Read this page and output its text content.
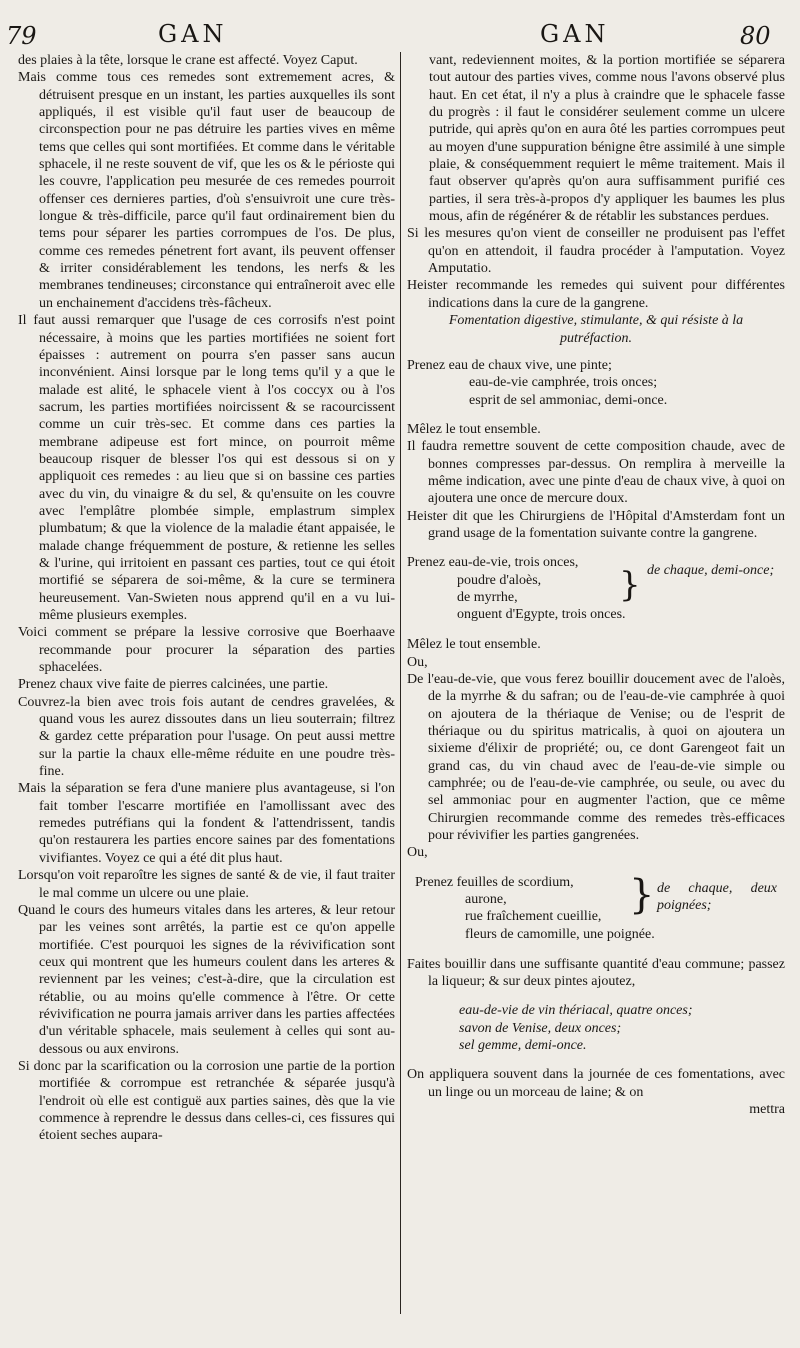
79	GAN	GAN	80

des plaies à la tête, lorsque le crane est affecté. Voyez Caput.

Mais comme tous ces remedes sont extremement acres, & détruisent presque en un instant, les parties auxquelles ils sont appliqués, il est visible qu'il faut user de beaucoup de circonspection pour ne pas détruire les parties vives en même tems que celles qui sont mortifiées. Et comme dans le véritable sphacele, il ne reste souvent de vif, que les os & le périoste qui les couvre, l'application peu mesurée de ces remedes pourroit offenser ces dernieres parties, d'où s'ensuivroit une cure très-longue & très-difficile, parce qu'il faut ordinairement bien du tems pour séparer les parties corrompues de l'os. De plus, comme ces remedes pénetrent fort avant, ils peuvent offenser & irriter considérablement les tendons, les nerfs & les membranes tendineuses; circonstance qui entraîneroit avec elle un enchainement d'accidens très-fâcheux.

Il faut aussi remarquer que l'usage de ces corrosifs n'est point nécessaire, à moins que les parties mortifiées ne soient fort épaisses : autrement on pourra s'en passer sans aucun inconvénient. Ainsi lorsque par le long tems qu'il y a que le malade est alité, le sphacele vient à l'os coccyx ou à l'os sacrum, les parties mortifiées noircissent & se racourcissent comme un cuir très-sec. Et comme dans ces parties la membrane adipeuse est fort mince, on pourroit même beaucoup risquer de blesser l'os qui est dessous si on y appliquoit ces remedes : au lieu que si on bassine ces parties avec du vin, du vinaigre & du sel, & qu'ensuite on les couvre avec l'emplâtre plombée simple, emplastrum simplex plumbatum; & que la violence de la maladie étant appaisée, le malade change fréquemment de posture, & retienne les selles & l'urine, qui irritoient en passant ces parties, tout ce qui étoit mortifié se séparera de soi-même, & la cure se terminera heureusement. Van-Swieten nous apprend qu'il en a vu lui-même plusieurs exemples.

Voici comment se prépare la lessive corrosive que Boerhaave recommande pour procurer la séparation des parties sphacelées.

Prenez chaux vive faite de pierres calcinées, une partie.

Couvrez-la bien avec trois fois autant de cendres gravelées, & quand vous les aurez dissoutes dans un lieu souterrain; filtrez & gardez cette préparation pour l'usage. On peut aussi mettre sur la partie la chaux elle-même réduite en une poudre très-fine.

Mais la séparation se fera d'une maniere plus avantageuse, si l'on fait tomber l'escarre mortifiée en l'amollissant avec des remedes putréfians qui la fondent & l'attendrissent, tandis qu'on restaurera les parties encore saines par des fomentations vivifiantes. Voyez ce qui a été dit plus haut.

Lorsqu'on voit reparoître les signes de santé & de vie, il faut traiter le mal comme un ulcere ou une plaie.

Quand le cours des humeurs vitales dans les arteres, & leur retour par les veines sont arrêtés, la partie est ce qu'on appelle mortifiée. C'est pourquoi les signes de la révivification sont ceux qui montrent que les humeurs coulent dans les arteres & reviennent par les veines; c'est-à-dire, que la circulation est rétablie, ou au moins qu'elle commence à l'être. Or cette révivification ne pourra jamais arriver dans les parties affectées d'un véritable sphacele, mais seulement à celles qui sont au-dessous ou aux environs.

Si donc par la scarification ou la corrosion une partie de la portion mortifiée & corrompue est retranchée & séparée jusqu'à l'endroit où elle est contiguë aux parties saines, dès que la vie commence à reprendre le dessus dans celles-ci, ces fissures qui étoient seches aupara-

vant, redeviennent moites, & la portion mortifiée se séparera tout autour des parties vives, comme nous l'avons observé plus haut. En cet état, il n'y a plus à craindre que le sphacele fasse du progrès : il faut le considérer seulement comme un ulcere putride, qui après qu'on en aura ôté les parties corrompues peut au moyen d'une suppuration bénigne être assimilé à une simple plaie, & conséquemment requiert le même traitement. Mais il faut observer qu'après qu'on aura suffisamment purifié ces parties, il sera très-à-propos d'y appliquer les baumes les plus mous, afin de régénérer & de rétablir les substances perdues.

Si les mesures qu'on vient de conseiller ne produisent pas l'effet qu'on en attendoit, il faudra procéder à l'amputation. Voyez Amputatio.

Heister recommande les remedes qui suivent pour différentes indications dans la cure de la gangrene.

Fomentation digestive, stimulante, & qui résiste à la putréfaction.

Prenez eau de chaux vive, une pinte;
eau-de-vie camphrée, trois onces;
esprit de sel ammoniac, demi-once.

Mêlez le tout ensemble.

Il faudra remettre souvent de cette composition chaude, avec de bonnes compresses par-dessus. On remplira à merveille la même indication, avec une pinte d'eau de chaux vive, à quoi on ajoutera une once de mercure doux.

Heister dit que les Chirurgiens de l'Hôpital d'Amsterdam font un grand usage de la fomentation suivante contre la gangrene.

Prenez eau-de-vie, trois onces,
poudre d'aloès,
de myrrhe,
onguent d'Egypte, trois onces.
} de chaque, demi-once;

Mêlez le tout ensemble.

Ou,

De l'eau-de-vie, que vous ferez bouillir doucement avec de l'aloès, de la myrrhe & du safran; ou de l'eau-de-vie camphrée à quoi on ajoutera de la thériaque de Venise; ou de l'esprit de thériaque ou du spiritus matricalis, à quoi on ajoutera un sixieme d'élixir de propriété; ou, ce dont Garengeot fait un grand cas, du vin chaud avec de l'eau-de-vie simple ou camphrée; ou de l'eau-de-vie camphrée, ou seule, ou avec du sel ammoniac pour en augmenter l'action, que ce même Chirurgien recommande comme des remedes très-efficaces pour révivifier les parties gangrenées.

Ou,

Prenez feuilles de scordium,
aurone,
rue fraîchement cueillie,
fleurs de camomille, une poignée.
} de chaque, deux poignées;

Faites bouillir dans une suffisante quantité d'eau commune; passez la liqueur; & sur deux pintes ajoutez,

eau-de-vie de vin thériacal, quatre onces;
savon de Venise, deux onces;
sel gemme, demi-once.

On appliquera souvent dans la journée de ces fomentations, avec un linge ou un morceau de laine; & on

mettra
